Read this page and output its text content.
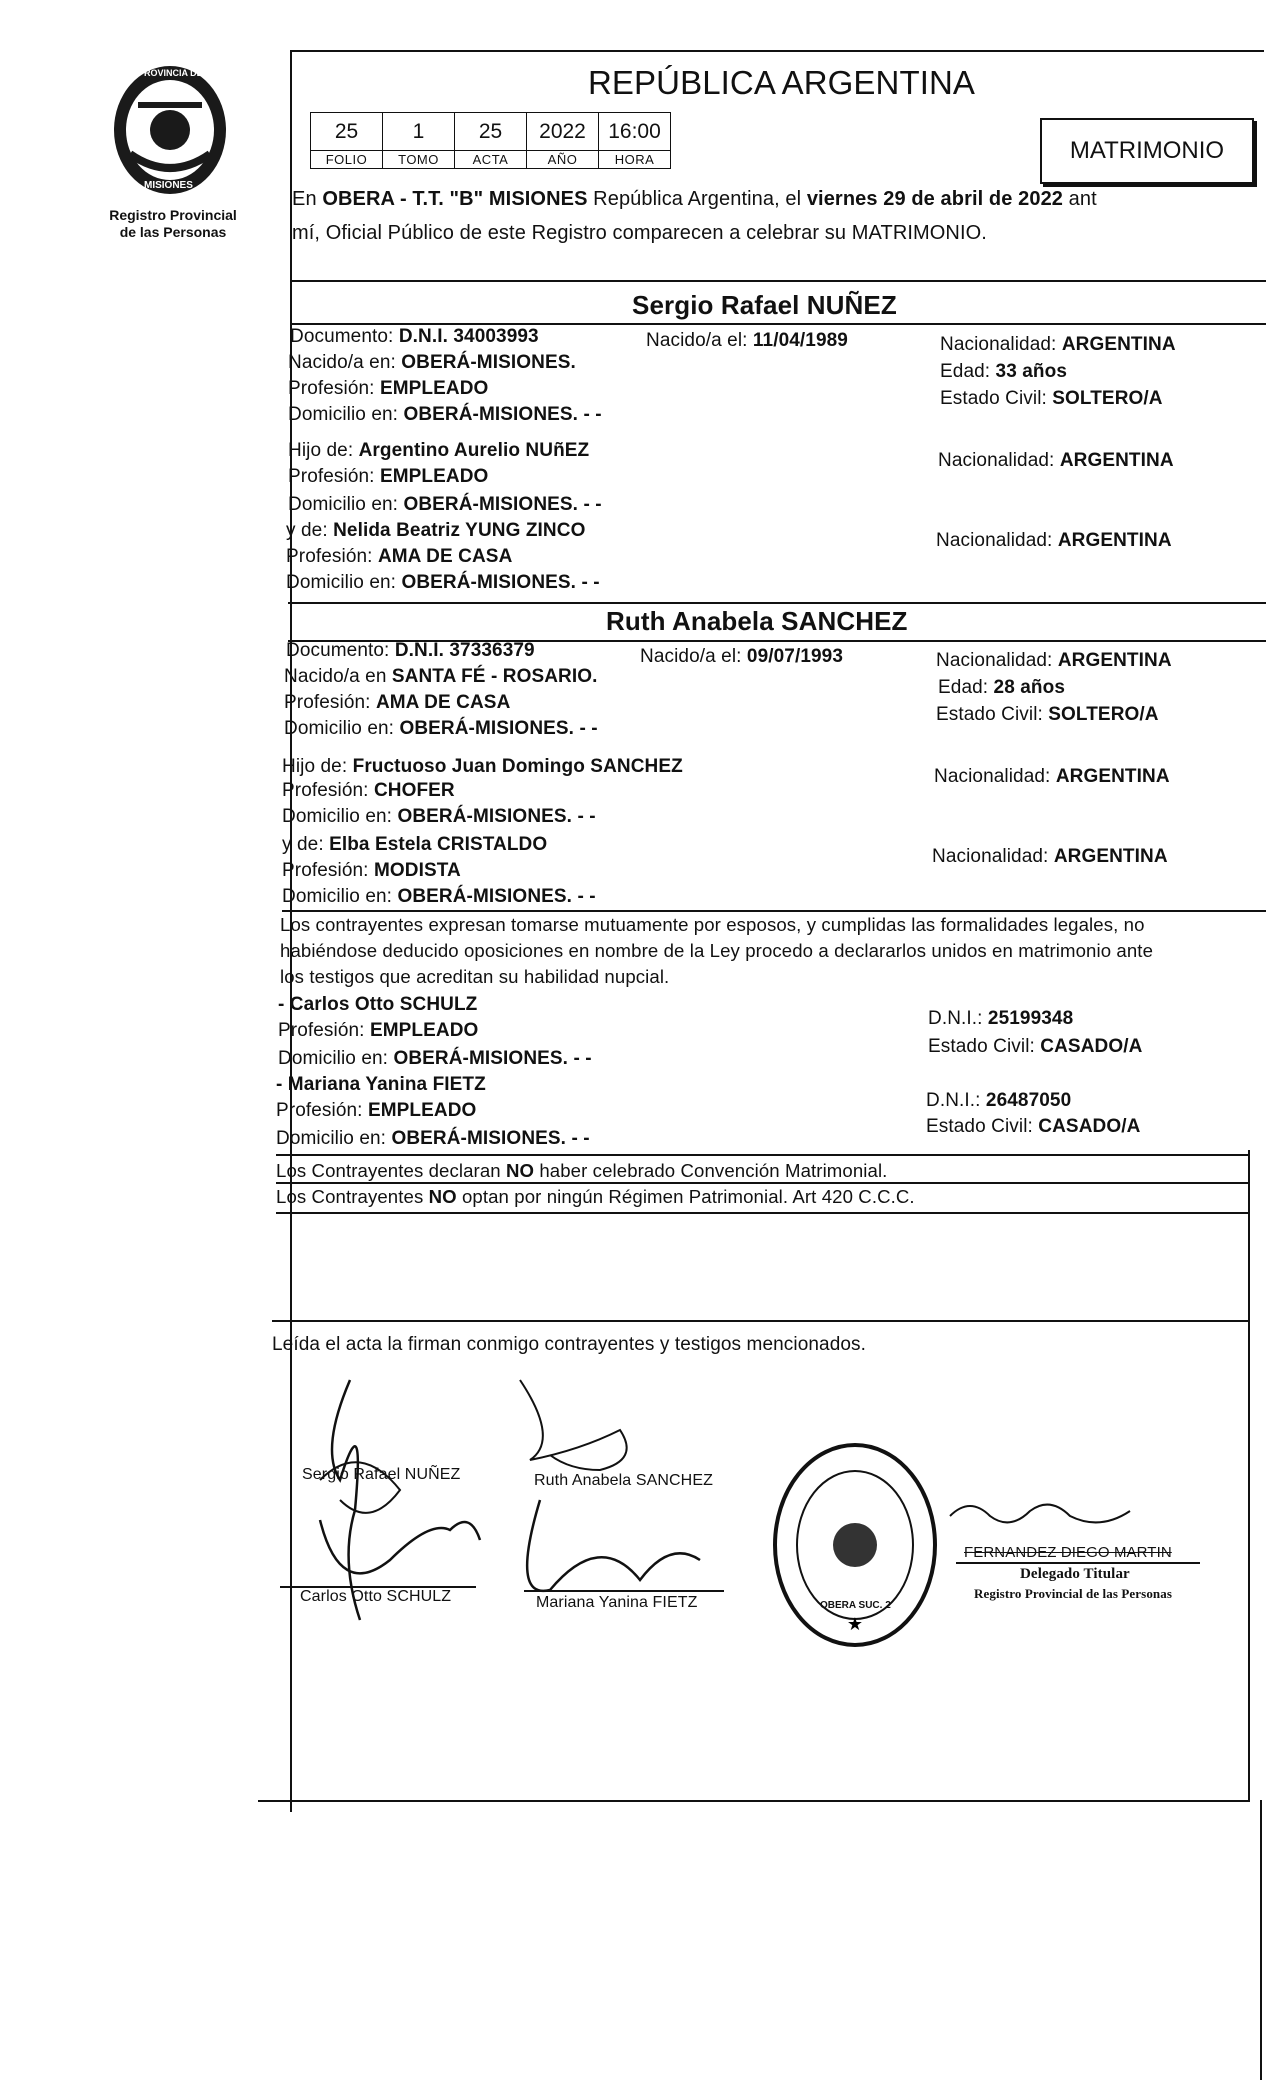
PROVINCIA DE
MISIONES
Registro Provincial
de las Personas
REPÚBLICA ARGENTINA
25	1	25	2022	16:00
FOLIO	TOMO	ACTA	AÑO	HORA	MATRIMONIO
En OBERA - T.T. "B" MISIONES República Argentina, el viernes 29 de abril de 2022 ant
mí, Oficial Público de este Registro comparecen a celebrar su MATRIMONIO.
Sergio Rafael NUÑEZ
Documento: D.N.I. 34003993	Nacido/a el: 11/04/1989	Nacionalidad: ARGENTINA
Nacido/a en: OBERÁ-MISIONES.	Edad: 33 años
Profesión: EMPLEADO	Estado Civil: SOLTERO/A
Domicilio en: OBERÁ-MISIONES. - -
Hijo de: Argentino Aurelio NUñEZ	Nacionalidad: ARGENTINA
Profesión: EMPLEADO
Domicilio en: OBERÁ-MISIONES. - -
y de: Nelida Beatriz YUNG ZINCO	Nacionalidad: ARGENTINA
Profesión: AMA DE CASA
Domicilio en: OBERÁ-MISIONES. - -
Ruth Anabela SANCHEZ
Documento: D.N.I. 37336379	Nacido/a el: 09/07/1993	Nacionalidad: ARGENTINA
Nacido/a en SANTA FÉ - ROSARIO.
Edad: 28 años
Profesión: AMA DE CASA
Estado Civil: SOLTERO/A
Domicilio en: OBERÁ-MISIONES. - -
Hijo de: Fructuoso Juan Domingo SANCHEZ	Nacionalidad: ARGENTINA
Profesión: CHOFER
Domicilio en: OBERÁ-MISIONES. - -
y de: Elba Estela CRISTALDO
Nacionalidad: ARGENTINA
Profesión: MODISTA
Domicilio en: OBERÁ-MISIONES. - -
Los contrayentes expresan tomarse mutuamente por esposos, y cumplidas las formalidades legales, no
habiéndose deducido oposiciones en nombre de la Ley procedo a declararlos unidos en matrimonio ante
los testigos que acreditan su habilidad nupcial.
- Carlos Otto SCHULZ
D.N.I.: 25199348
Profesión: EMPLEADO
Estado Civil: CASADO/A
Domicilio en: OBERÁ-MISIONES. - -
- Mariana Yanina FIETZ
D.N.I.: 26487050
Profesión: EMPLEADO
Estado Civil: CASADO/A
Domicilio en: OBERÁ-MISIONES. - -
Los Contrayentes declaran NO haber celebrado Convención Matrimonial.
Los Contrayentes NO optan por ningún Régimen Patrimonial. Art 420 C.C.C.
Leída el acta la firman conmigo contrayentes y testigos mencionados.
Sergio Rafael NUÑEZ	Ruth Anabela SANCHEZ
Carlos Otto SCHULZ	Mariana Yanina FIETZ
★
OBERA SUC. 2
FERNANDEZ DIEGO MARTIN
Delegado Titular
Registro Provincial de las Personas
